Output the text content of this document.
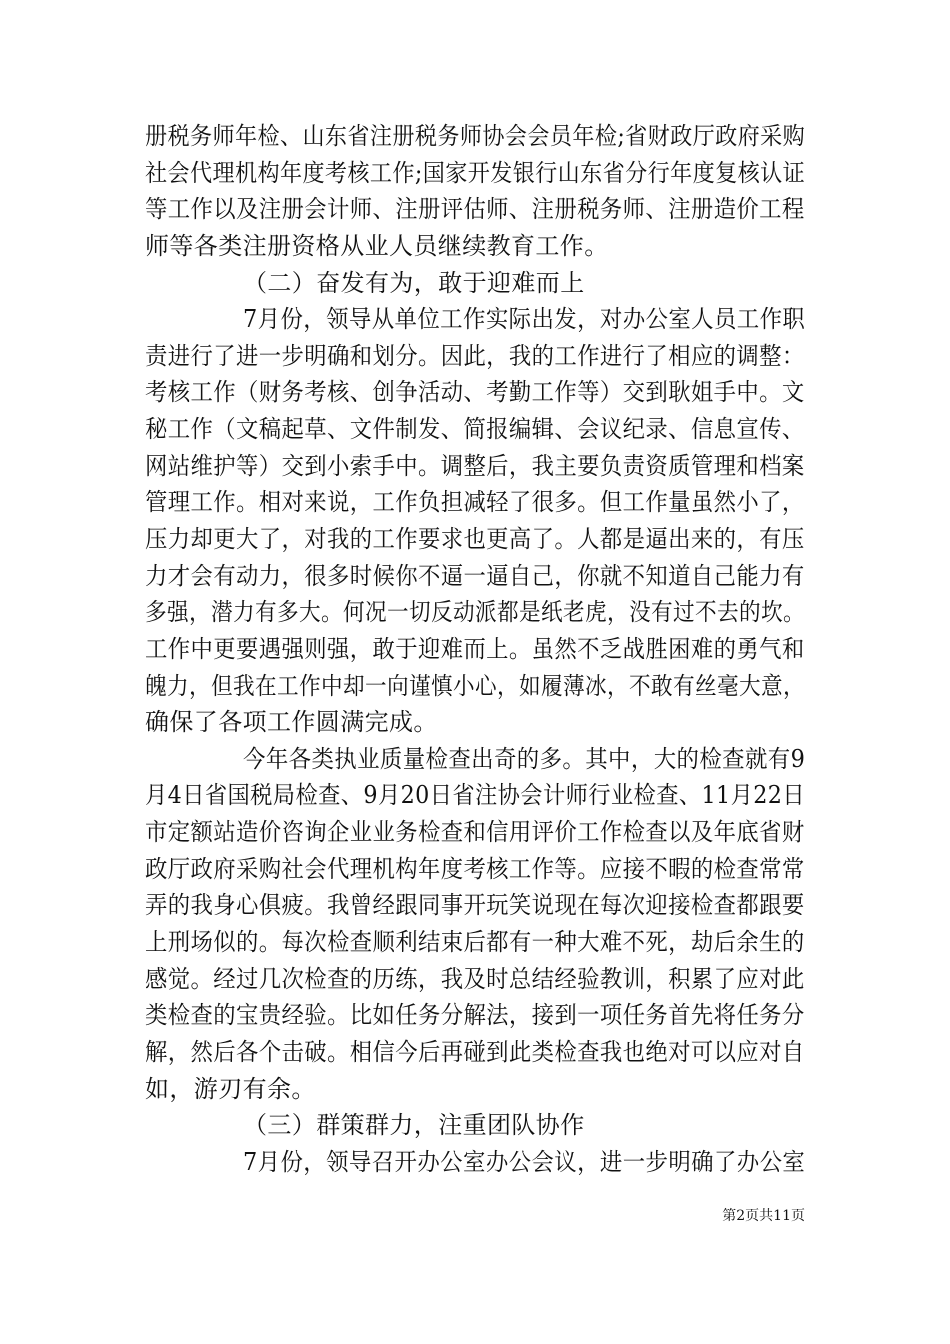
册税务师年检、山东省注册税务师协会会员年检;省财政厅政府采购
社会代理机构年度考核工作;国家开发银行山东省分行年度复核认证
等工作以及注册会计师、注册评估师、注册税务师、注册造价工程
师等各类注册资格从业人员继续教育工作。
（二）奋发有为，敢于迎难而上
7月份，领导从单位工作实际出发，对办公室人员工作职
责进行了进一步明确和划分。因此，我的工作进行了相应的调整：
考核工作（财务考核、创争活动、考勤工作等）交到耿姐手中。文
秘工作（文稿起草、文件制发、简报编辑、会议纪录、信息宣传、
网站维护等）交到小索手中。调整后，我主要负责资质管理和档案
管理工作。相对来说，工作负担减轻了很多。但工作量虽然小了，
压力却更大了，对我的工作要求也更高了。人都是逼出来的，有压
力才会有动力，很多时候你不逼一逼自己，你就不知道自己能力有
多强，潜力有多大。何况一切反动派都是纸老虎，没有过不去的坎。
工作中更要遇强则强，敢于迎难而上。虽然不乏战胜困难的勇气和
魄力，但我在工作中却一向谨慎小心，如履薄冰，不敢有丝毫大意，
确保了各项工作圆满完成。
今年各类执业质量检查出奇的多。其中，大的检查就有9
月4日省国税局检查、9月20日省注协会计师行业检查、11月22日
市定额站造价咨询企业业务检查和信用评价工作检查以及年底省财
政厅政府采购社会代理机构年度考核工作等。应接不暇的检查常常
弄的我身心俱疲。我曾经跟同事开玩笑说现在每次迎接检查都跟要
上刑场似的。每次检查顺利结束后都有一种大难不死，劫后余生的
感觉。经过几次检查的历练，我及时总结经验教训，积累了应对此
类检查的宝贵经验。比如任务分解法，接到一项任务首先将任务分
解，然后各个击破。相信今后再碰到此类检查我也绝对可以应对自
如，游刃有余。
（三）群策群力，注重团队协作
7月份，领导召开办公室办公会议，进一步明确了办公室
第2页共11页
